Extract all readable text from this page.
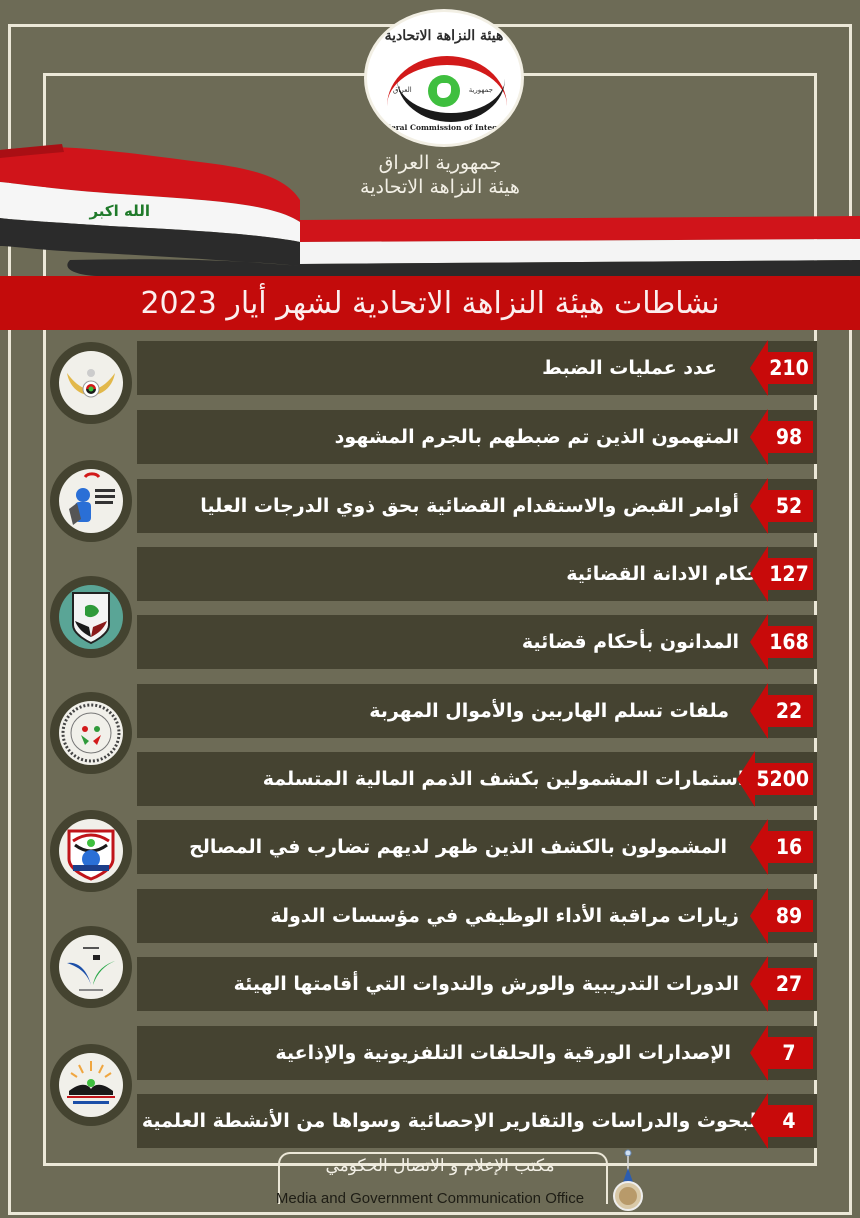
الله اكبر
هيئة النزاهة الاتحادية
العراق	جمهورية
Federal Commission of Integrity
جمهورية العراق
هيئة النزاهة الاتحادية
نشاطات هيئة النزاهة الاتحادية لشهر أيار 2023
210
عدد عمليات الضبط
98
المتهمون الذين تم ضبطهم بالجرم المشهود
52
أوامر القبض والاستقدام القضائية بحق ذوي الدرجات العليا
127
أحكام الادانة القضائية
168
المدانون بأحكام قضائية
22
ملفات تسلم الهاربين والأموال المهربة
5200
استمارات المشمولين بكشف الذمم المالية المتسلمة
16
المشمولون بالكشف الذين ظهر لديهم تضارب في المصالح
89
زيارات مراقبة الأداء الوظيفي في مؤسسات الدولة
27
الدورات التدريبية والورش والندوات التي أقامتها الهيئة
7
الإصدارات الورقية والحلقات التلفزيونية والإذاعية
4
البحوث والدراسات والتقارير الإحصائية وسواها من الأنشطة العلمية
مكتب الإعلام و الاتصال الحكومي
Media and Government Communication Office
